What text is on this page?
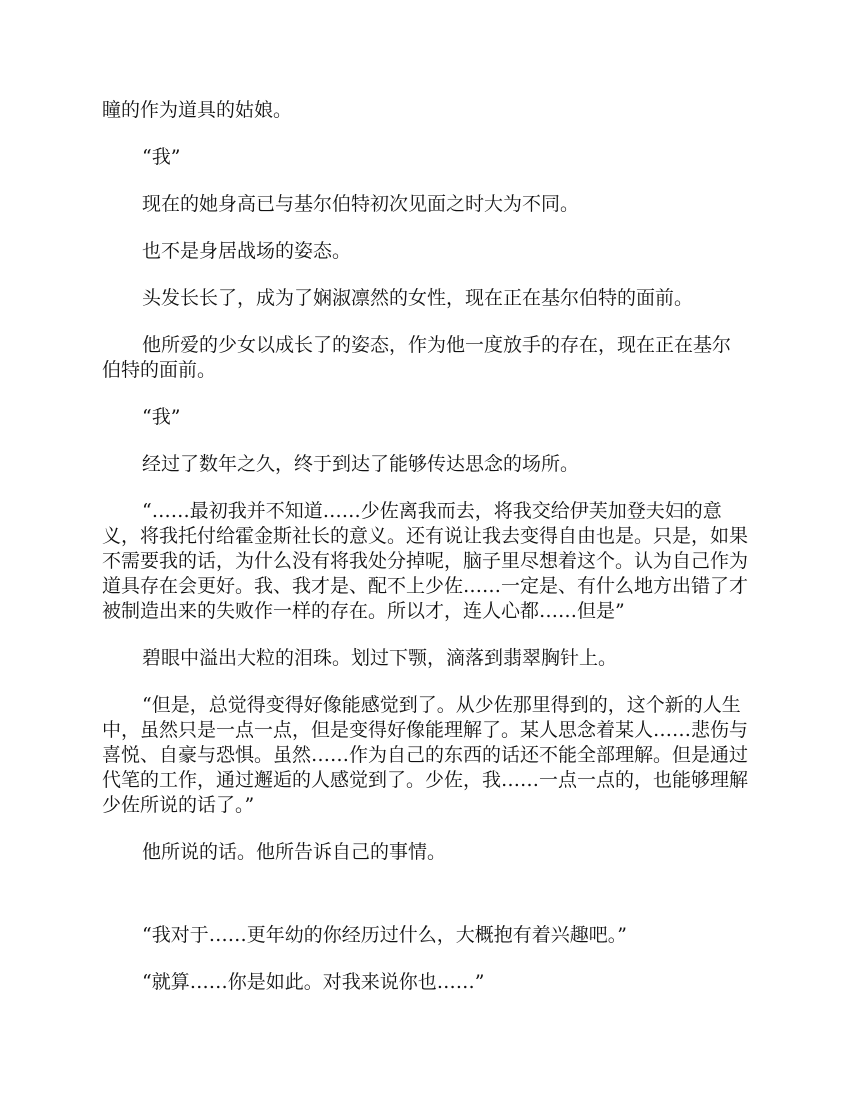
瞳的作为道具的姑娘。

“我”

现在的她身高已与基尔伯特初次见面之时大为不同。

也不是身居战场的姿态。

头发长长了，成为了娴淑凛然的女性，现在正在基尔伯特的面前。

他所爱的少女以成长了的姿态，作为他一度放手的存在，现在正在基尔伯特的面前。

“我”

经过了数年之久，终于到达了能够传达思念的场所。

“……最初我并不知道……少佐离我而去，将我交给伊芙加登夫妇的意义，将我托付给霍金斯社长的意义。还有说让我去变得自由也是。只是，如果不需要我的话，为什么没有将我处分掉呢，脑子里尽想着这个。认为自己作为道具存在会更好。我、我才是、配不上少佐……一定是、有什么地方出错了才被制造出来的失败作一样的存在。所以才，连人心都……但是”

碧眼中溢出大粒的泪珠。划过下颚，滴落到翡翠胸针上。

“但是，总觉得变得好像能感觉到了。从少佐那里得到的，这个新的人生中，虽然只是一点一点，但是变得好像能理解了。某人思念着某人……悲伤与喜悦、自豪与恐惧。虽然……作为自己的东西的话还不能全部理解。但是通过代笔的工作，通过邂逅的人感觉到了。少佐，我……一点一点的，也能够理解少佐所说的话了。”

他所说的话。他所告诉自己的事情。

“我对于……更年幼的你经历过什么，大概抱有着兴趣吧。”

“就算……你是如此。对我来说你也……”
